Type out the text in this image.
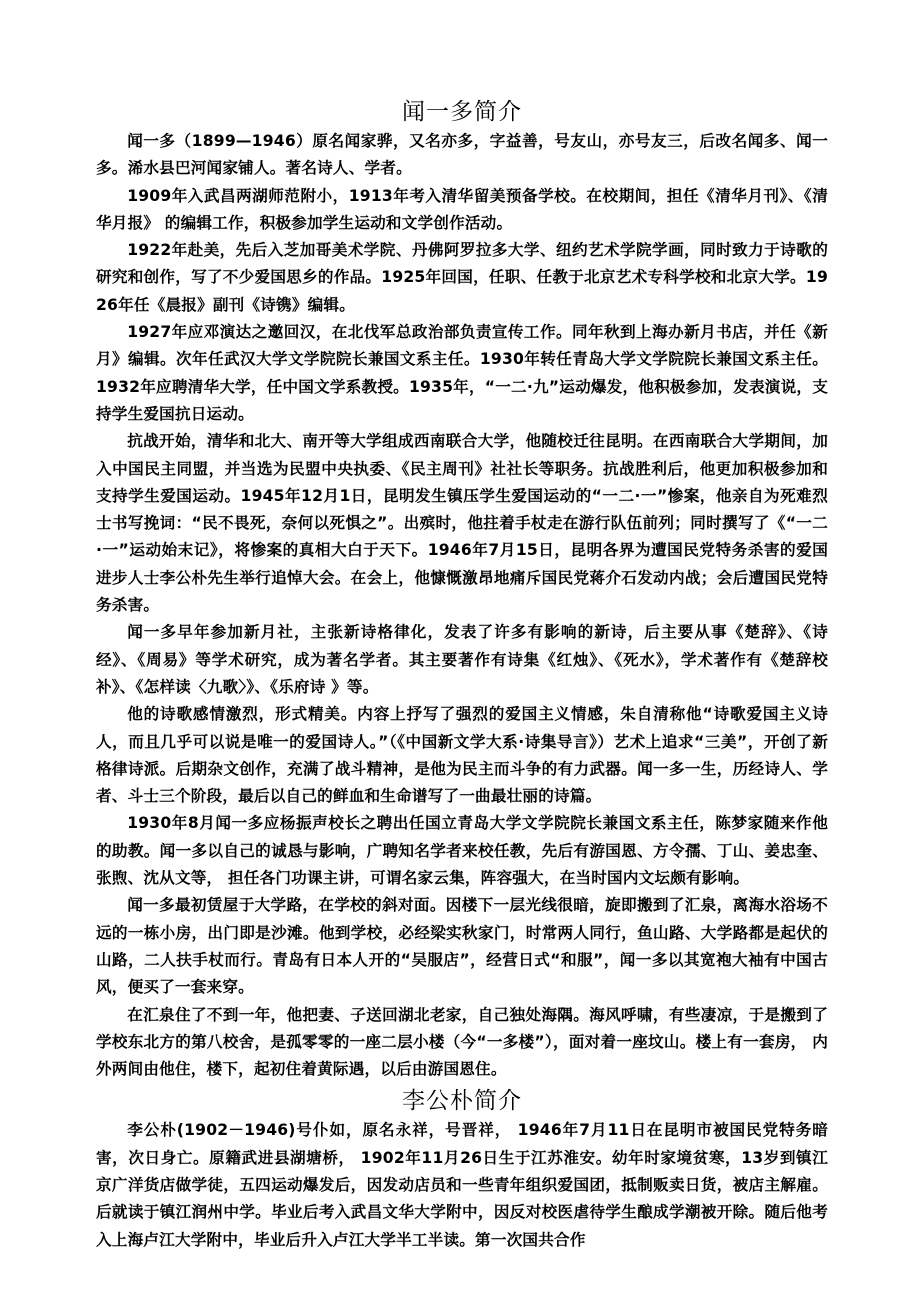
闻一多简介

闻一多（1899—1946）原名闻家骅，又名亦多，字益善，号友山，亦号友三，后改名闻多、闻一多。浠水县巴河闻家铺人。著名诗人、学者。

1909年入武昌两湖师范附小，1913年考入清华留美预备学校。在校期间，担任《清华月刊》、《清华月报》 的编辑工作，积极参加学生运动和文学创作活动。

1922年赴美，先后入芝加哥美术学院、丹佛阿罗拉多大学、纽约艺术学院学画，同时致力于诗歌的研究和创作，写了不少爱国思乡的作品。1925年回国，任职、任教于北京艺术专科学校和北京大学。1926年任《晨报》副刊《诗镌》编辑。

1927年应邓演达之邀回汉，在北伐军总政治部负责宣传工作。同年秋到上海办新月书店，并任《新月》编辑。次年任武汉大学文学院院长兼国文系主任。1930年转任青岛大学文学院院长兼国文系主任。1932年应聘清华大学，任中国文学系教授。1935年，“一二·九”运动爆发，他积极参加，发表演说，支持学生爱国抗日运动。

抗战开始，清华和北大、南开等大学组成西南联合大学，他随校迁往昆明。在西南联合大学期间，加入中国民主同盟，并当选为民盟中央执委、《民主周刊》社社长等职务。抗战胜利后，他更加积极参加和支持学生爱国运动。1945年12月1日，昆明发生镇压学生爱国运动的“一二·一”惨案，他亲自为死难烈士书写挽词：“民不畏死，奈何以死惧之”。出殡时，他拄着手杖走在游行队伍前列；同时撰写了《“一二·一”运动始末记》，将惨案的真相大白于天下。1946年7月15日，昆明各界为遭国民党特务杀害的爱国进步人士李公朴先生举行追悼大会。在会上，他慷慨激昂地痛斥国民党蒋介石发动内战；会后遭国民党特务杀害。

闻一多早年参加新月社，主张新诗格律化，发表了许多有影响的新诗，后主要从事《楚辞》、《诗经》、《周易》等学术研究，成为著名学者。其主要著作有诗集《红烛》、《死水》，学术著作有《楚辞校补》、《怎样读〈九歌〉》、《乐府诗 》等。

他的诗歌感情激烈，形式精美。内容上抒写了强烈的爱国主义情感，朱自清称他“诗歌爱国主义诗人，而且几乎可以说是唯一的爱国诗人。”（《中国新文学大系·诗集导言》）艺术上追求“三美”，开创了新格律诗派。后期杂文创作，充满了战斗精神，是他为民主而斗争的有力武器。闻一多一生，历经诗人、学者、斗士三个阶段，最后以自己的鲜血和生命谱写了一曲最壮丽的诗篇。

1930年8月闻一多应杨振声校长之聘出任国立青岛大学文学院院长兼国文系主任，陈梦家随来作他的助教。闻一多以自己的诚恳与影响，广聘知名学者来校任教，先后有游国恩、方令孺、丁山、姜忠奎、张煦、沈从文等， 担任各门功课主讲，可谓名家云集，阵容强大，在当时国内文坛颇有影响。

闻一多最初赁屋于大学路，在学校的斜对面。因楼下一层光线很暗，旋即搬到了汇泉，离海水浴场不远的一栋小房，出门即是沙滩。他到学校，必经梁实秋家门，时常两人同行，鱼山路、大学路都是起伏的山路，二人扶手杖而行。青岛有日本人开的“吴服店”，经营日式“和服”，闻一多以其宽袍大袖有中国古风，便买了一套来穿。

在汇泉住了不到一年，他把妻、子送回湖北老家，自己独处海隅。海风呼啸，有些凄凉，于是搬到了学校东北方的第八校舍，是孤零零的一座二层小楼（今“一多楼”），面对着一座坟山。楼上有一套房， 内外两间由他住，楼下，起初住着黄际遇，以后由游国恩住。

李公朴简介

李公朴(1902－1946)号仆如，原名永祥，号晋祥， 1946年7月11日在昆明市被国民党特务暗害，次日身亡。原籍武进县湖塘桥， 1902年11月26日生于江苏淮安。幼年时家境贫寒，13岁到镇江京广洋货店做学徒，五四运动爆发后，因发动店员和一些青年组织爱国团，抵制贩卖日货，被店主解雇。后就读于镇江润州中学。毕业后考入武昌文华大学附中，因反对校医虐待学生酿成学潮被开除。随后他考入上海卢江大学附中，毕业后升入卢江大学半工半读。第一次国共合作
